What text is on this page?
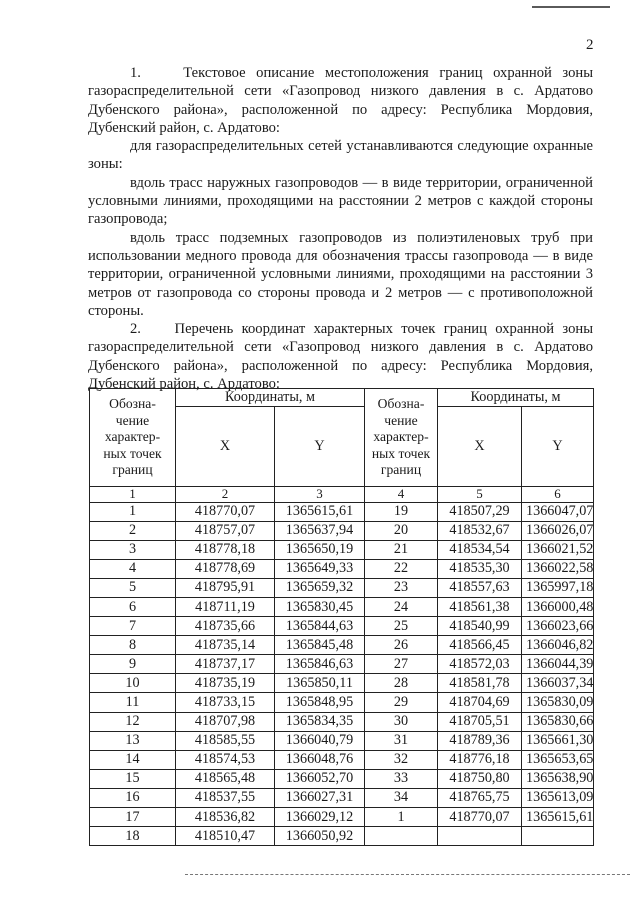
2

1.	Текстовое описание местоположения границ охранной зоны газораспределительной сети «Газопровод низкого давления в с. Ардатово Дубенского района», расположенной по адресу: Республика Мордовия, Дубенский район, с. Ардатово:

для газораспределительных сетей устанавливаются следующие охранные зоны:

вдоль трасс наружных газопроводов — в виде территории, ограниченной условными линиями, проходящими на расстоянии 2 метров с каждой стороны газопровода;

вдоль трасс подземных газопроводов из полиэтиленовых труб при использовании медного провода для обозначения трассы газопровода — в виде территории, ограниченной условными линиями, проходящими на расстоянии 3 метров от газопровода со стороны провода и 2 метров — с противоположной стороны.

2. Перечень координат характерных точек границ охранной зоны газораспределительной сети «Газопровод низкого давления в с. Ардатово Дубенского района», расположенной по адресу: Республика Мордовия, Дубенский район, с. Ардатово:

Обозна-чение характер-ных точек границ	Координаты, м		Обозна-чение характер-ных точек границ	Координаты, м	
	X	Y		X	Y
1	2	3	4	5	6
1	418770,07	1365615,61	19	418507,29	1366047,07
2	418757,07	1365637,94	20	418532,67	1366026,07
3	418778,18	1365650,19	21	418534,54	1366021,52
4	418778,69	1365649,33	22	418535,30	1366022,58
5	418795,91	1365659,32	23	418557,63	1365997,18
6	418711,19	1365830,45	24	418561,38	1366000,48
7	418735,66	1365844,63	25	418540,99	1366023,66
8	418735,14	1365845,48	26	418566,45	1366046,82
9	418737,17	1365846,63	27	418572,03	1366044,39
10	418735,19	1365850,11	28	418581,78	1366037,34
11	418733,15	1365848,95	29	418704,69	1365830,09
12	418707,98	1365834,35	30	418705,51	1365830,66
13	418585,55	1366040,79	31	418789,36	1365661,30
14	418574,53	1366048,76	32	418776,18	1365653,65
15	418565,48	1366052,70	33	418750,80	1365638,90
16	418537,55	1366027,31	34	418765,75	1365613,09
17	418536,82	1366029,12	1	418770,07	1365615,61
18	418510,47	1366050,92			
